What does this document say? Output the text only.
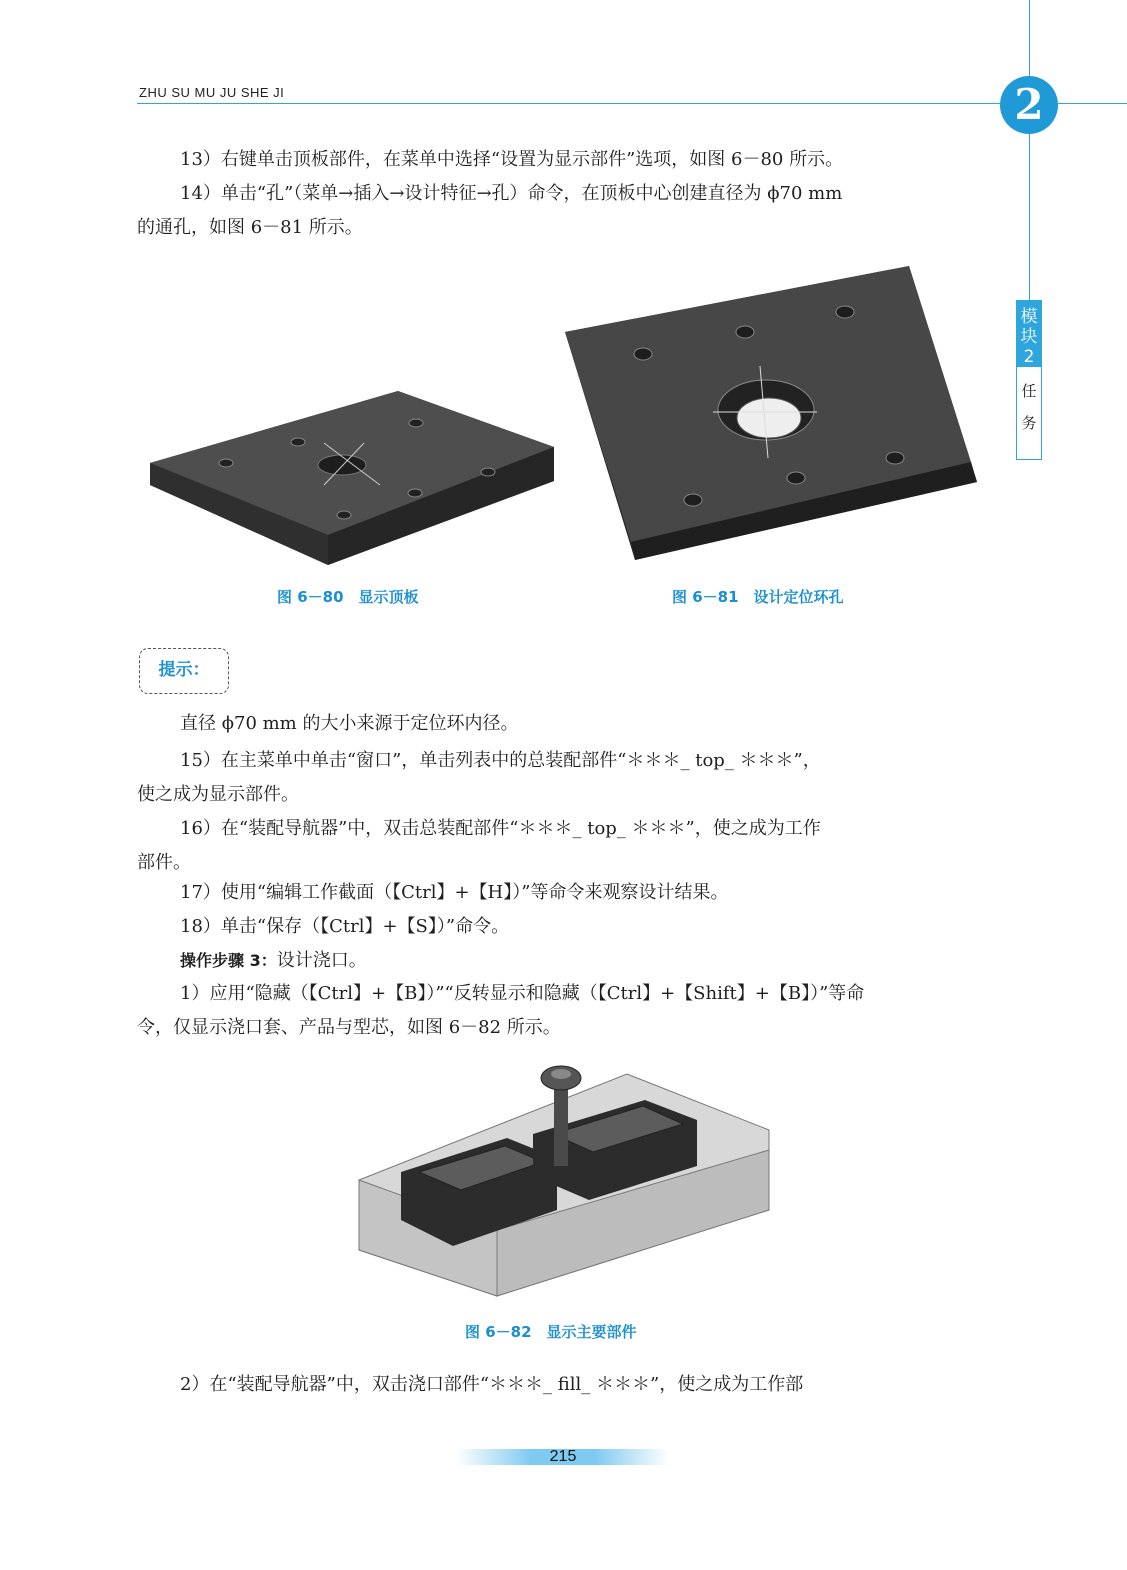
ZHU SU MU JU SHE JI	2
模
块
2
任
务
13）右键单击顶板部件，在菜单中选择“设置为显示部件”选项，如图 6－80 所示。
14）单击“孔”（菜单→插入→设计特征→孔）命令，在顶板中心创建直径为 ϕ70 mm
的通孔，如图 6－81 所示。
图 6－80　显示顶板	图 6－81　设计定位环孔
提示：
直径 ϕ70 mm 的大小来源于定位环内径。
15）在主菜单中单击“窗口”，单击列表中的总装配部件“＊＊＊_ top_ ＊＊＊”，
使之成为显示部件。
16）在“装配导航器”中，双击总装配部件“＊＊＊_ top_ ＊＊＊”，使之成为工作
部件。
17）使用“编辑工作截面（【Ctrl】+【H】）”等命令来观察设计结果。
18）单击“保存（【Ctrl】+【S】）”命令。
操作步骤 3：设计浇口。
1）应用“隐藏（【Ctrl】+【B】）”“反转显示和隐藏（【Ctrl】+【Shift】+【B】）”等命
令，仅显示浇口套、产品与型芯，如图 6－82 所示。
图 6－82　显示主要部件
2）在“装配导航器”中，双击浇口部件“＊＊＊_ fill_ ＊＊＊”，使之成为工作部
215
